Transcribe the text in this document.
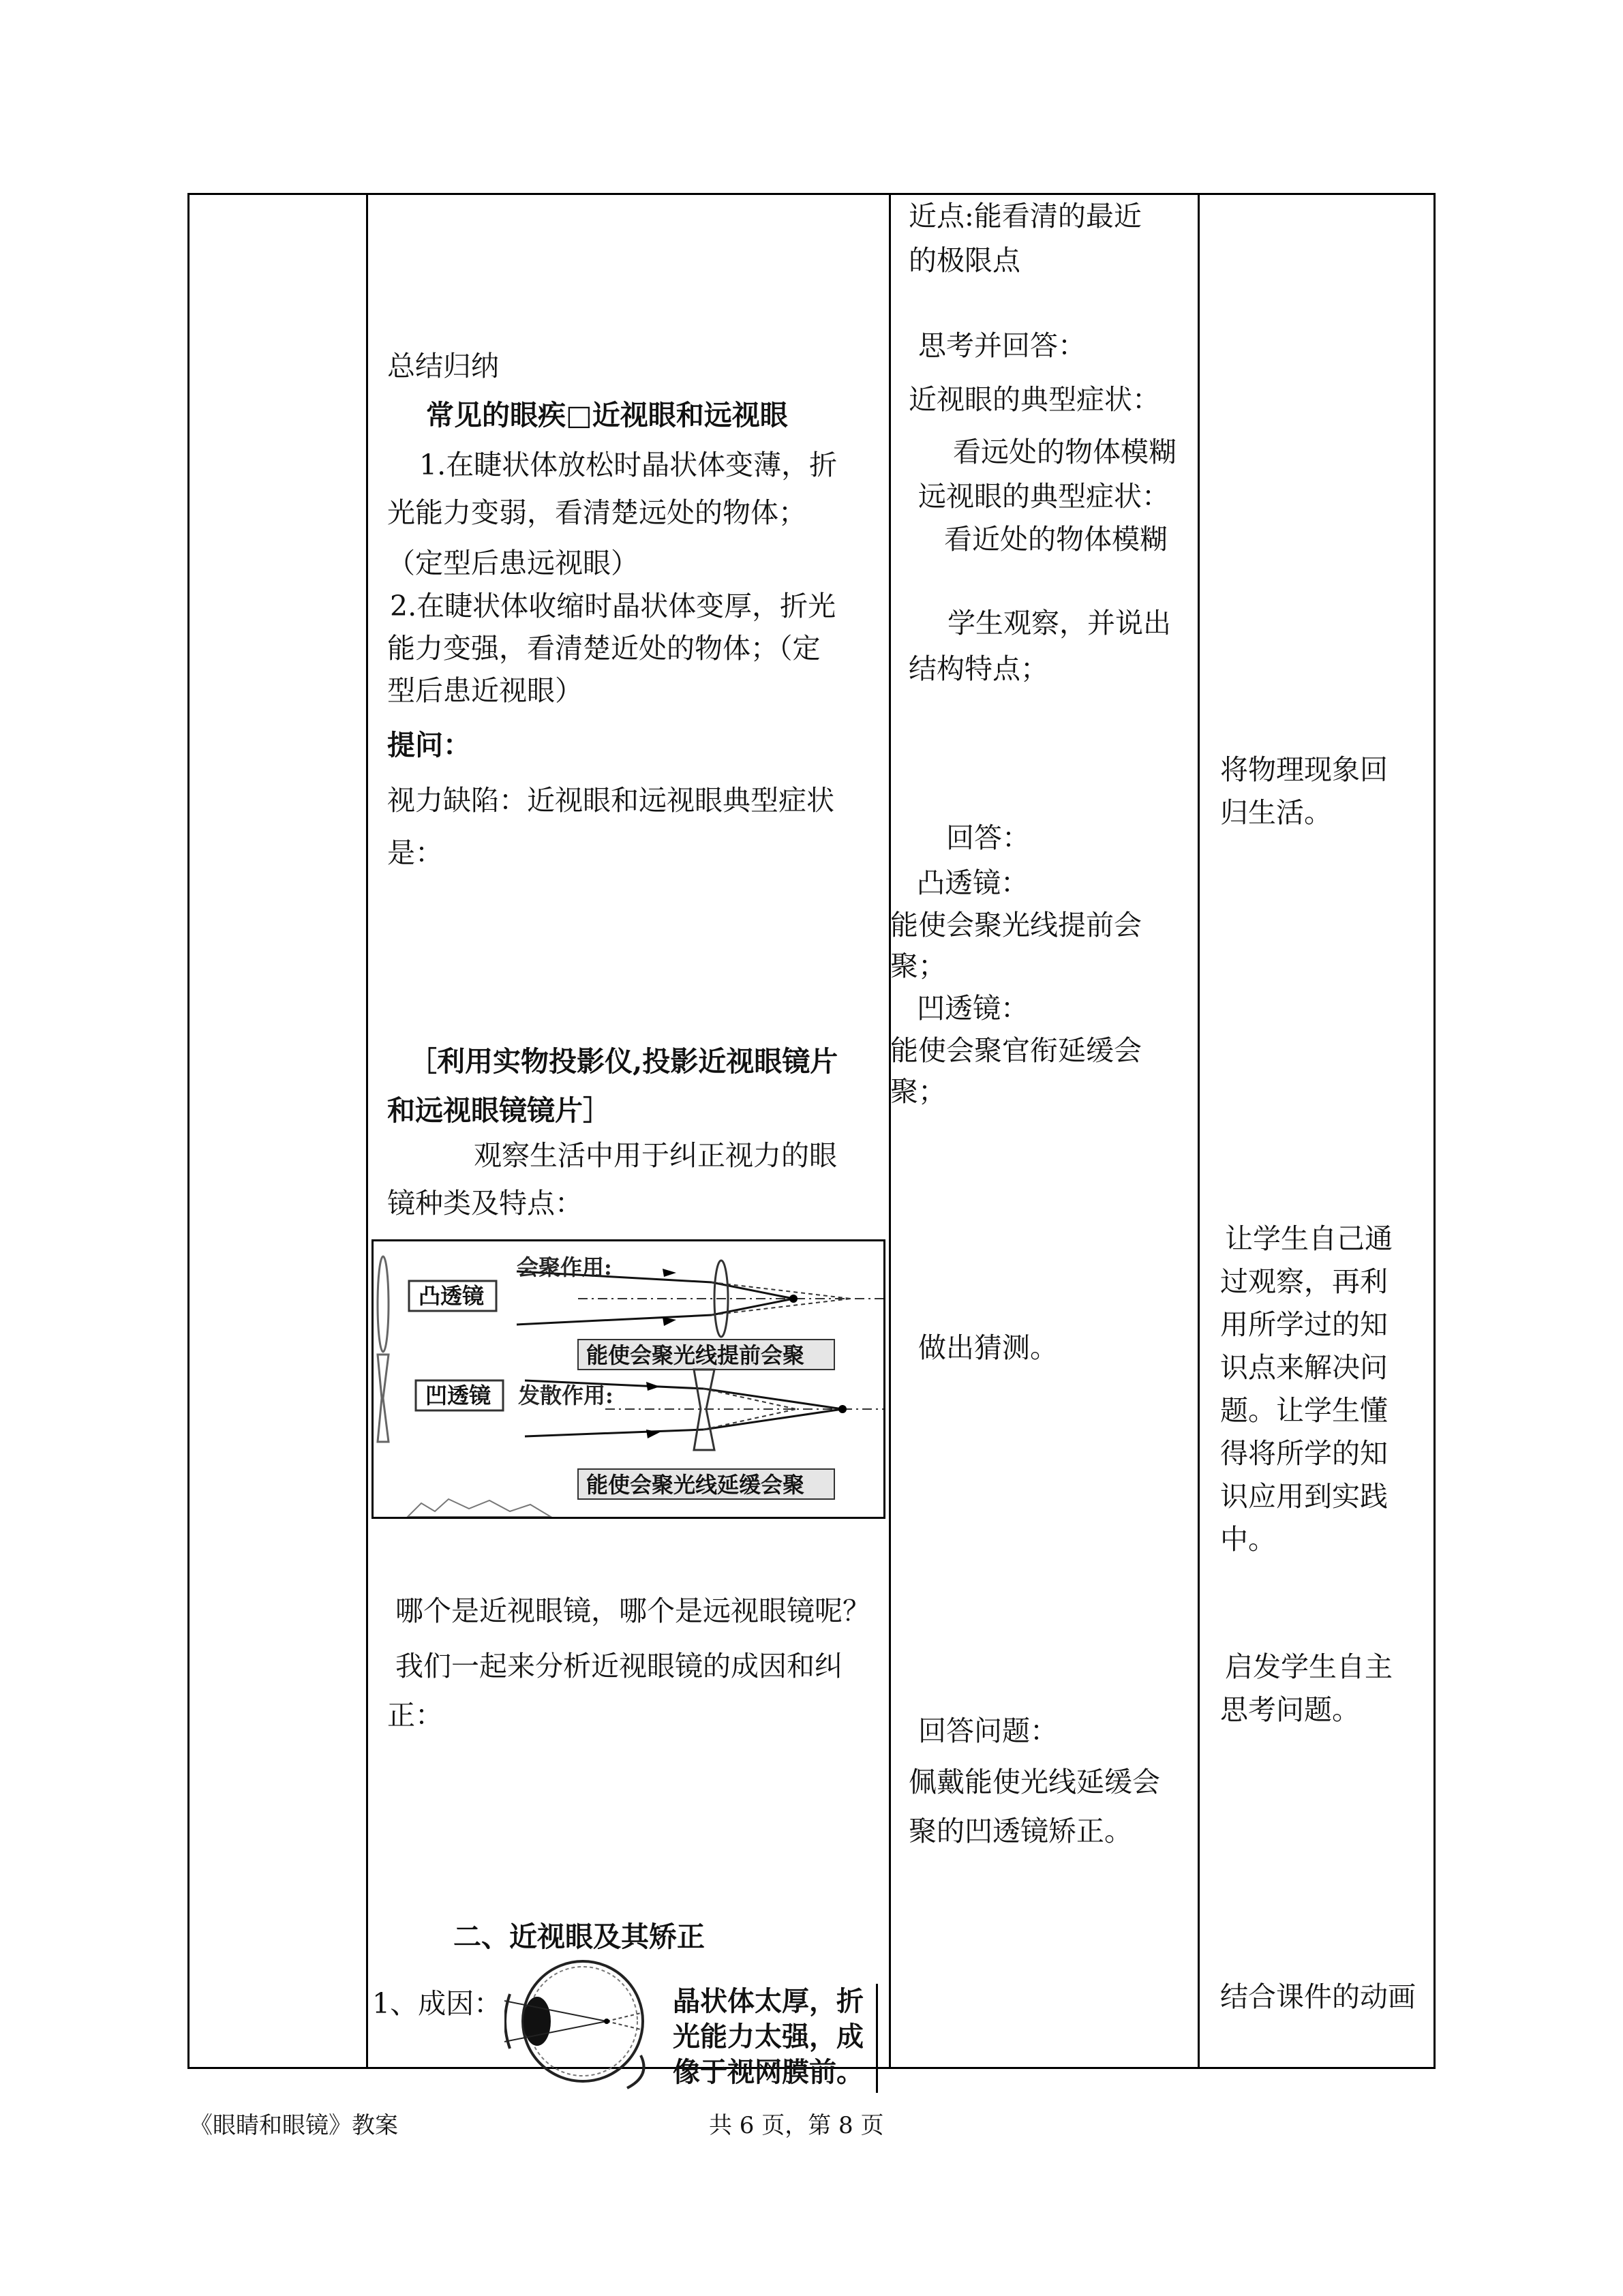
总结归纳
常见的眼疾□近视眼和远视眼
1.在睫状体放松时晶状体变薄，折
光能力变弱，看清楚远处的物体；
（定型后患远视眼）
2.在睫状体收缩时晶状体变厚，折光
能力变强，看清楚近处的物体；（定
型后患近视眼）
提问：
视力缺陷：近视眼和远视眼典型症状
是：
［利用实物投影仪,投影近视眼镜片
和远视眼镜镜片］
观察生活中用于纠正视力的眼
镜种类及特点：
凸透镜
会聚作用:
能使会聚光线提前会聚
凹透镜 发散作用:
能使会聚光线延缓会聚
哪个是近视眼镜，哪个是远视眼镜呢？
我们一起来分析近视眼镜的成因和纠
正：
二、近视眼及其矫正
1、成因：	晶状体太厚，折
光能力太强，成
像于视网膜前。
近点:能看清的最近
的极限点
思考并回答：
近视眼的典型症状：
看远处的物体模糊
远视眼的典型症状：
看近处的物体模糊
学生观察，并说出
结构特点；
回答：
凸透镜：
能使会聚光线提前会
聚；
凹透镜：
能使会聚官衔延缓会
聚；
做出猜测。
回答问题：
佩戴能使光线延缓会
聚的凹透镜矫正。
将物理现象回
归生活。
让学生自己通
过观察，再利
用所学过的知
识点来解决问
题。让学生懂
得将所学的知
识应用到实践
中。
启发学生自主
思考问题。
结合课件的动画
《眼睛和眼镜》教案	共 6 页，第 8 页
